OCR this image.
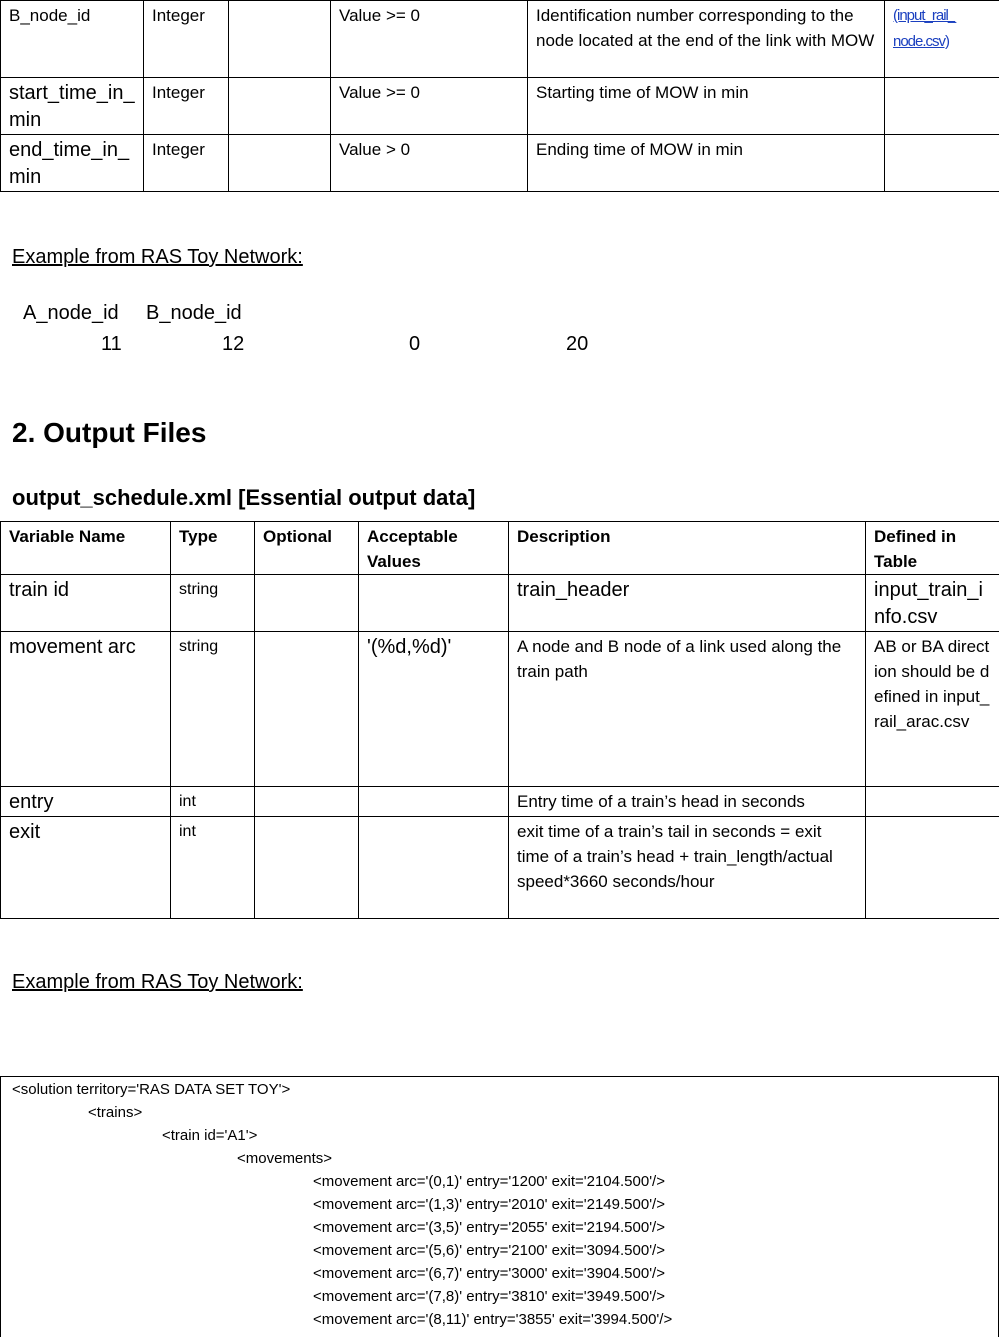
B_node_id	Integer		Value >= 0	Identification number corresponding to the node located at the end of the link with MOW	(input_rail_ node.csv)
start_time_in_min	Integer		Value >= 0	Starting time of MOW in min	
end_time_in_min	Integer		Value > 0	Ending time of MOW in min	
Example from RAS Toy Network:
A_node_id B_node_id
11	12	0	20
2. Output Files
output_schedule.xml [Essential output data]
Variable Name	Type	Optional	Acceptable Values	Description	Defined in Table
train id	string			train_header	input_train_info.csv
movement arc	string		'(%d,%d)'	A node and B node of a link used along the train path	AB or BA direction should be defined in input_rail_arac.csv
entry	int			Entry time of a train’s head in seconds	
exit	int			exit time of a train’s tail in seconds = exit time of a train’s head + train_length/actual speed*3660 seconds/hour	
Example from RAS Toy Network:
<solution territory='RAS DATA SET TOY'>
<trains>
<train id='A1'>
<movements>
<movement arc='(0,1)' entry='1200' exit='2104.500'/>
<movement arc='(1,3)' entry='2010' exit='2149.500'/>
<movement arc='(3,5)' entry='2055' exit='2194.500'/>
<movement arc='(5,6)' entry='2100' exit='3094.500'/>
<movement arc='(6,7)' entry='3000' exit='3904.500'/>
<movement arc='(7,8)' entry='3810' exit='3949.500'/>
<movement arc='(8,11)' entry='3855' exit='3994.500'/>
